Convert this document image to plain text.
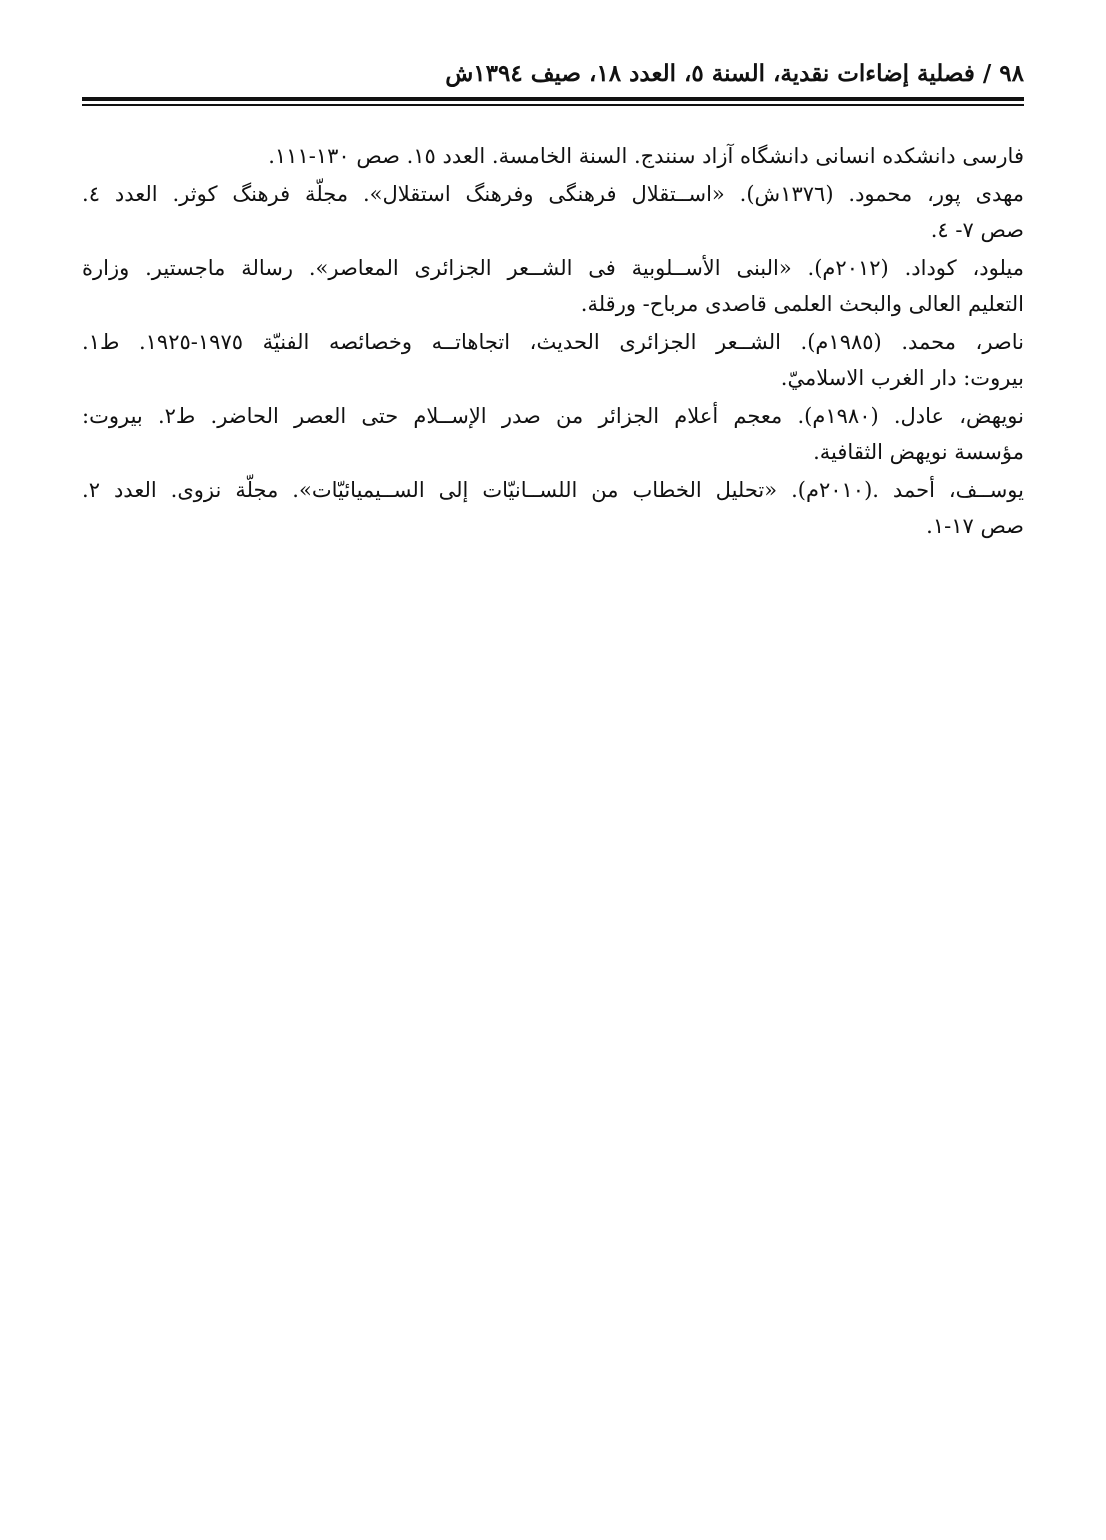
٩٨ / فصلية إضاءات نقدية، السنة ٥، العدد ١٨، صيف ١٣٩٤ش
فارسی دانشکده انسانی دانشگاه آزاد سنندج. السنة الخامسة. العدد ١٥. صص ١٣٠-١١١.
مهدی پور، محمود. (١٣٧٦ش). «اســتقلال فرهنگی وفرهنگ استقلال». مجلّة فرهنگ کوثر. العدد ٤.
صص ٧- ٤.
میلود، کوداد. (٢٠١٢م). «البنی الأســلوبية فی الشــعر الجزائری المعاصر». رسالة ماجستیر. وزارة
التعلیم العالی والبحث العلمی قاصدی مرباح- ورقلة.
ناصر، محمد. (١٩٨٥م). الشــعر الجزائری الحدیث، اتجاهاتــه وخصائصه الفنيّة ١٩٧٥-١٩٢٥. ط١.
بیروت: دار الغرب الاسلاميّ.
نویهض، عادل. (١٩٨٠م). معجم أعلام الجزائر من صدر الإســلام حتی العصر الحاضر. ط٢. بیروت:
مؤسسة نویهض الثقافیة.
یوســف، أحمد .(٢٠١٠م). «تحلیل الخطاب من اللســانيّات إلی الســيميائيّات». مجلّة نزوی. العدد ٢.
صص ١٧-١.
